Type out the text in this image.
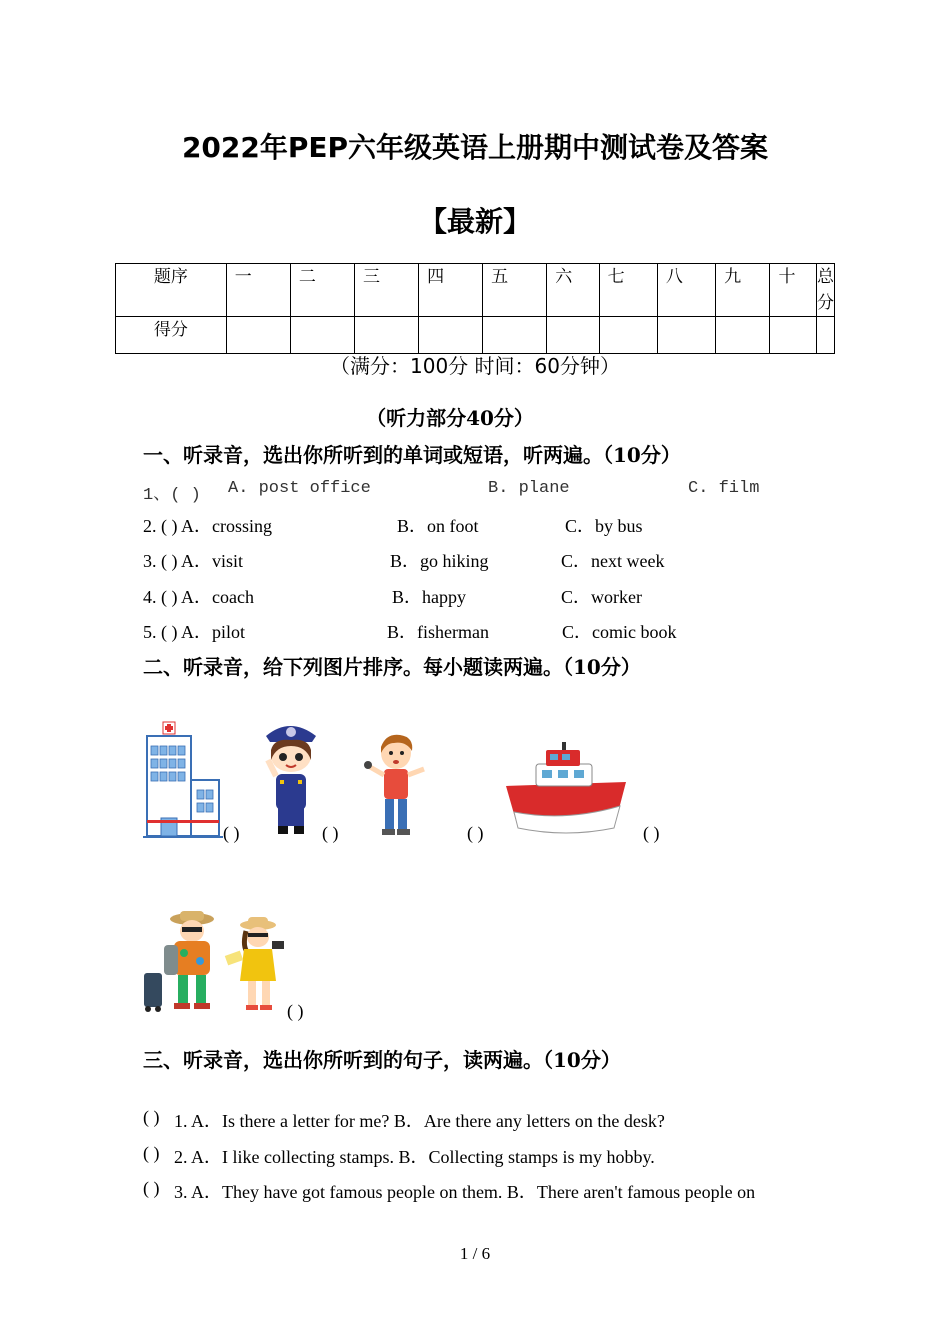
2022年PEP六年级英语上册期中测试卷及答案
【最新】
题序	一	二	三	四	五	六	七	八	九	十	总分
得分											
（满分：100分 时间：60分钟）
（听力部分40分）
一、听录音，选出你所听到的单词或短语，听两遍。（10分）
1、( ) A. post office	B. plane	C. film
2. ( ) A．crossing	B．on foot	C．by bus
3. ( ) A．visit	B．go hiking	C．next week
4. ( ) A．coach	B．happy	C．worker
5. ( ) A．pilot	B．fisherman	C．comic book
二、听录音，给下列图片排序。每小题读两遍。（10分）
( )	( )	( )	( )
( )
三、听录音，选出你所听到的句子，读两遍。（10分）
( ) 1. A．Is there a letter for me? B．Are there any letters on the desk?
( ) 2. A．I like collecting stamps. B．Collecting stamps is my hobby.
( ) 3. A．They have got famous people on them. B．There aren't famous people on
1 / 6
